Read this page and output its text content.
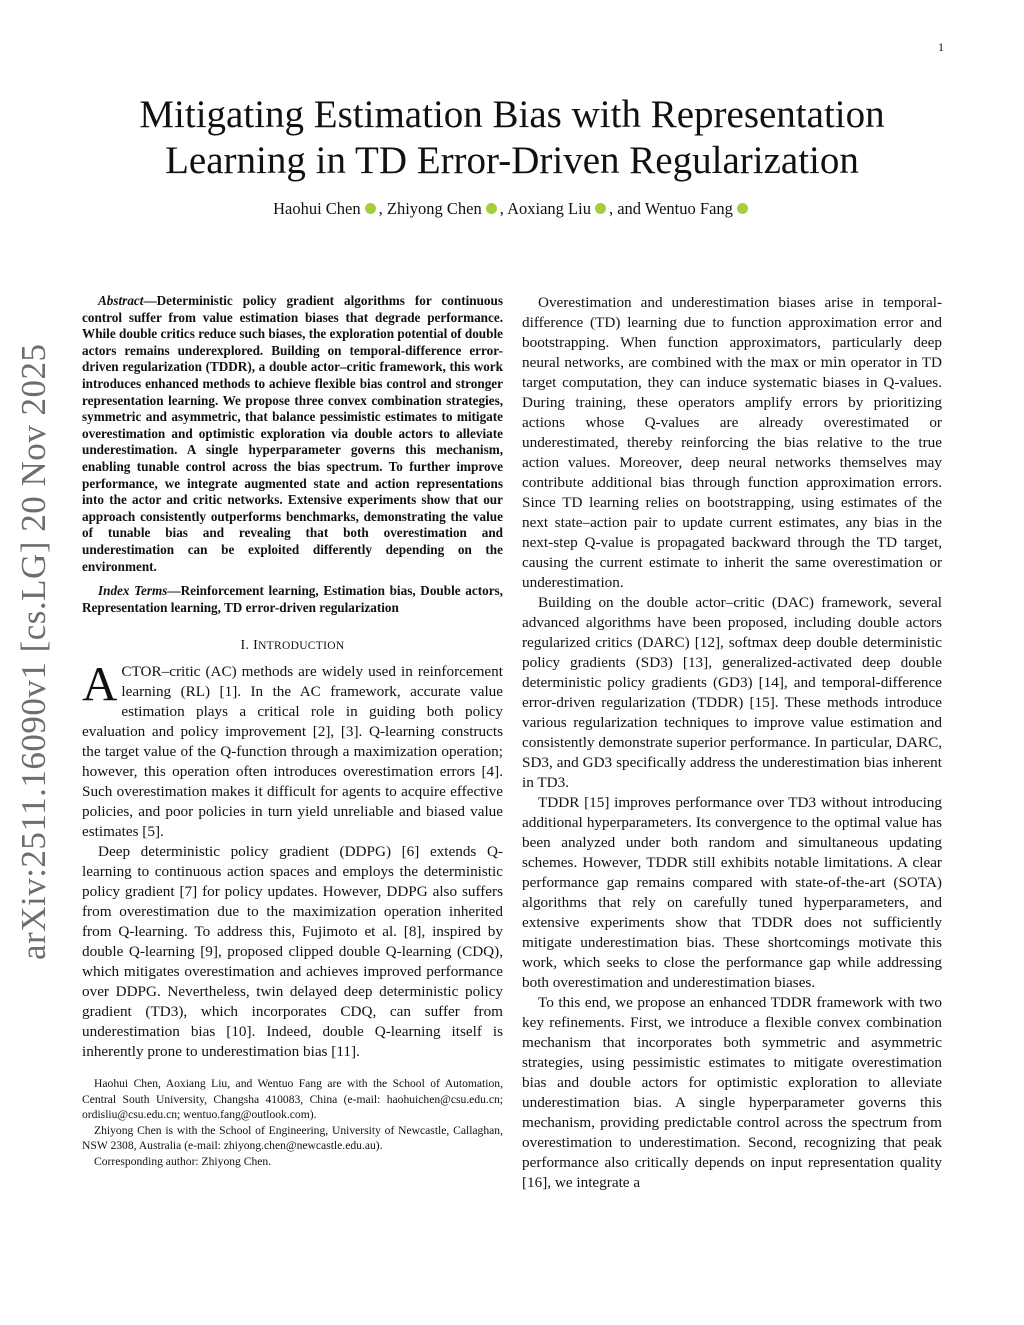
1
arXiv:2511.16090v1 [cs.LG] 20 Nov 2025
Mitigating Estimation Bias with Representation
Learning in TD Error-Driven Regularization
Haohui Chen , Zhiyong Chen , Aoxiang Liu , and Wentuo Fang

Abstract—Deterministic policy gradient algorithms for continuous control suffer from value estimation biases that degrade performance. While double critics reduce such biases, the exploration potential of double actors remains underexplored. Building on temporal-difference error-driven regularization (TDDR), a double actor–critic framework, this work introduces enhanced methods to achieve flexible bias control and stronger representation learning. We propose three convex combination strategies, symmetric and asymmetric, that balance pessimistic estimates to mitigate overestimation and optimistic exploration via double actors to alleviate underestimation. A single hyperparameter governs this mechanism, enabling tunable control across the bias spectrum. To further improve performance, we integrate augmented state and action representations into the actor and critic networks. Extensive experiments show that our approach consistently outperforms benchmarks, demonstrating the value of tunable bias and revealing that both overestimation and underestimation can be exploited differently depending on the environment.

Index Terms—Reinforcement learning, Estimation bias, Double actors, Representation learning, TD error-driven regularization

I. INTRODUCTION

ACTOR–critic (AC) methods are widely used in reinforcement learning (RL) [1]. In the AC framework, accurate value estimation plays a critical role in guiding both policy evaluation and policy improvement [2], [3]. Q-learning constructs the target value of the Q-function through a maximization operation; however, this operation often introduces overestimation errors [4]. Such overestimation makes it difficult for agents to acquire effective policies, and poor policies in turn yield unreliable and biased value estimates [5].

Deep deterministic policy gradient (DDPG) [6] extends Q-learning to continuous action spaces and employs the deterministic policy gradient [7] for policy updates. However, DDPG also suffers from overestimation due to the maximization operation inherited from Q-learning. To address this, Fujimoto et al. [8], inspired by double Q-learning [9], proposed clipped double Q-learning (CDQ), which mitigates overestimation and achieves improved performance over DDPG. Nevertheless, twin delayed deep deterministic policy gradient (TD3), which incorporates CDQ, can suffer from underestimation bias [10]. Indeed, double Q-learning itself is inherently prone to underestimation bias [11].

Haohui Chen, Aoxiang Liu, and Wentuo Fang are with the School of Automation, Central South University, Changsha 410083, China (e-mail: haohuichen@csu.edu.cn; ordisliu@csu.edu.cn; wentuo.fang@outlook.com).

Zhiyong Chen is with the School of Engineering, University of Newcastle, Callaghan, NSW 2308, Australia (e-mail: zhiyong.chen@newcastle.edu.au).

Corresponding author: Zhiyong Chen.

Overestimation and underestimation biases arise in temporal-difference (TD) learning due to function approximation error and bootstrapping. When function approximators, particularly deep neural networks, are combined with the max or min operator in TD target computation, they can induce systematic biases in Q-values. During training, these operators amplify errors by prioritizing actions whose Q-values are already overestimated or underestimated, thereby reinforcing the bias relative to the true action values. Moreover, deep neural networks themselves may contribute additional bias through function approximation errors. Since TD learning relies on bootstrapping, using estimates of the next state–action pair to update current estimates, any bias in the next-step Q-value is propagated backward through the TD target, causing the current estimate to inherit the same overestimation or underestimation.

Building on the double actor–critic (DAC) framework, several advanced algorithms have been proposed, including double actors regularized critics (DARC) [12], softmax deep double deterministic policy gradients (SD3) [13], generalized-activated deep double deterministic policy gradients (GD3) [14], and temporal-difference error-driven regularization (TDDR) [15]. These methods introduce various regularization techniques to improve value estimation and consistently demonstrate superior performance. In particular, DARC, SD3, and GD3 specifically address the underestimation bias inherent in TD3.

TDDR [15] improves performance over TD3 without introducing additional hyperparameters. Its convergence to the optimal value has been analyzed under both random and simultaneous updating schemes. However, TDDR still exhibits notable limitations. A clear performance gap remains compared with state-of-the-art (SOTA) algorithms that rely on carefully tuned hyperparameters, and extensive experiments show that TDDR does not sufficiently mitigate underestimation bias. These shortcomings motivate this work, which seeks to close the performance gap while addressing both overestimation and underestimation biases.

To this end, we propose an enhanced TDDR framework with two key refinements. First, we introduce a flexible convex combination mechanism that incorporates both symmetric and asymmetric strategies, using pessimistic estimates to mitigate overestimation bias and double actors for optimistic exploration to alleviate underestimation bias. A single hyperparameter governs this mechanism, providing predictable control across the spectrum from overestimation to underestimation. Second, recognizing that peak performance also critically depends on input representation quality [16], we integrate a
